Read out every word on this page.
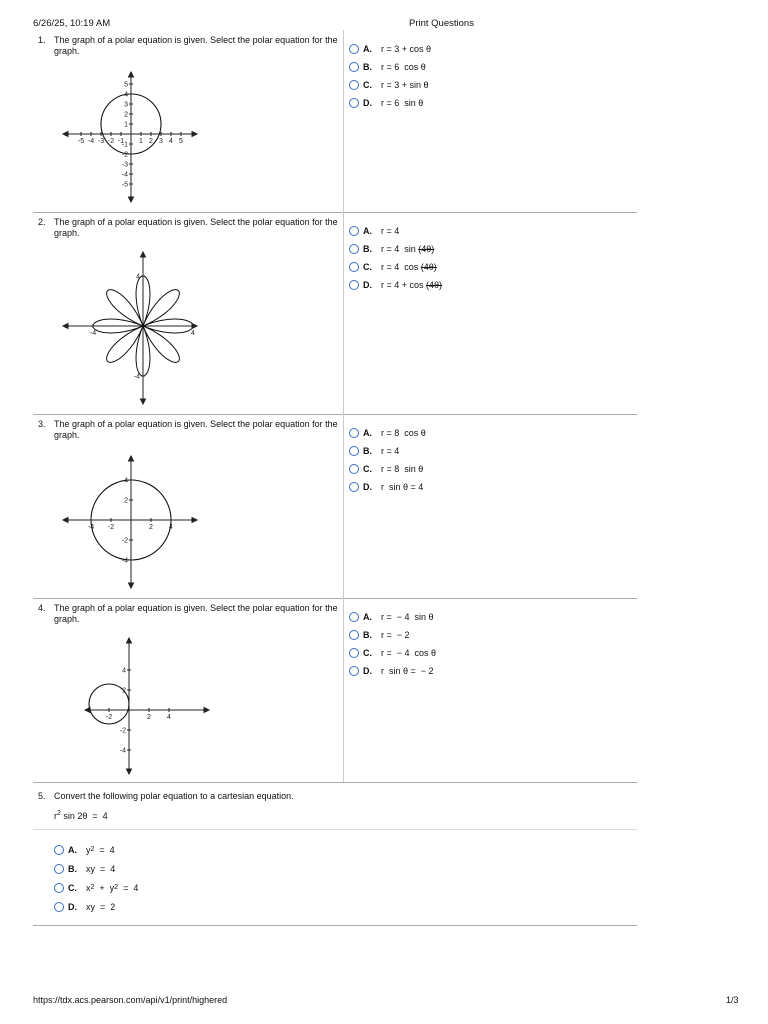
6/26/25, 10:19 AM	Print Questions
1. The graph of a polar equation is given. Select the polar equation for the graph.
-5 -4 -3 -2 -1 1 2 3 4 5
5
4
3
2
1
-1
-2
-3
-4
-5
A.	r = 3 + cos θ
B.	r = 6  cos θ
C.	r = 3 + sin θ
D.	r = 6  sin θ
2. The graph of a polar equation is given. Select the polar equation for the graph.
-4	4
4
-4
A.	r = 4
B.	r = 4  sin (4θ)
C.	r = 4  cos (4θ)
D.	r = 4 + cos (4θ)
3. The graph of a polar equation is given. Select the polar equation for the graph.
-4 -2	2 4
4
2
-2
-4
A.	r = 8  cos θ
B.	r = 4
C.	r = 8  sin θ
D.	r  sin θ = 4
4. The graph of a polar equation is given. Select the polar equation for the graph.
-2	2 4
4
2
-2
-4
A.	r =  − 4  sin θ
B.	r =  − 2
C.	r =  − 4  cos θ
D.	r  sin θ =  − 2
5. Convert the following polar equation to a cartesian equation.
$r^2$ sin 2θ  =  4
A.	y 2 =  4
B.	xy  =  4
C.	x 2 +  y 2 =  4
D.	xy  =  2
https://tdx.acs.pearson.com/api/v1/print/highered	1/3
